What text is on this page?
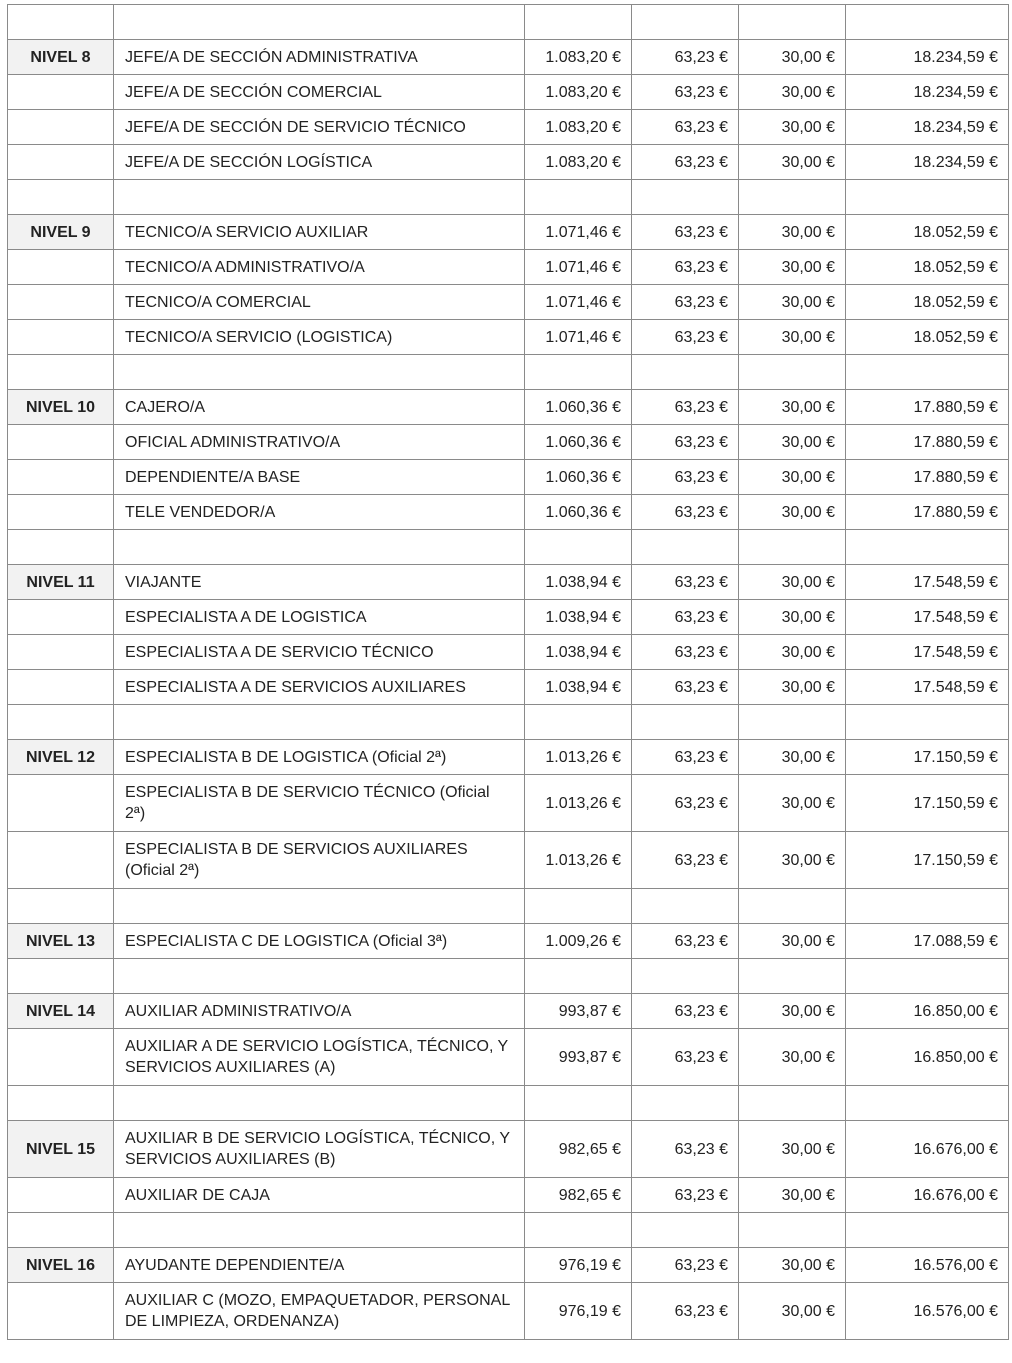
NIVEL 8	JEFE/A DE SECCIÓN ADMINISTRATIVA	1.083,20 €	63,23 €	30,00 €	18.234,59 €
	JEFE/A DE SECCIÓN COMERCIAL	1.083,20 €	63,23 €	30,00 €	18.234,59 €
	JEFE/A DE SECCIÓN DE SERVICIO TÉCNICO	1.083,20 €	63,23 €	30,00 €	18.234,59 €
	JEFE/A DE SECCIÓN LOGÍSTICA	1.083,20 €	63,23 €	30,00 €	18.234,59 €

NIVEL 9	TECNICO/A SERVICIO AUXILIAR	1.071,46 €	63,23 €	30,00 €	18.052,59 €
	TECNICO/A ADMINISTRATIVO/A	1.071,46 €	63,23 €	30,00 €	18.052,59 €
	TECNICO/A COMERCIAL	1.071,46 €	63,23 €	30,00 €	18.052,59 €
	TECNICO/A SERVICIO (LOGISTICA)	1.071,46 €	63,23 €	30,00 €	18.052,59 €

NIVEL 10	CAJERO/A	1.060,36 €	63,23 €	30,00 €	17.880,59 €
	OFICIAL ADMINISTRATIVO/A	1.060,36 €	63,23 €	30,00 €	17.880,59 €
	DEPENDIENTE/A BASE	1.060,36 €	63,23 €	30,00 €	17.880,59 €
	TELE VENDEDOR/A	1.060,36 €	63,23 €	30,00 €	17.880,59 €

NIVEL 11	VIAJANTE	1.038,94 €	63,23 €	30,00 €	17.548,59 €
	ESPECIALISTA A DE LOGISTICA	1.038,94 €	63,23 €	30,00 €	17.548,59 €
	ESPECIALISTA A DE SERVICIO TÉCNICO	1.038,94 €	63,23 €	30,00 €	17.548,59 €
	ESPECIALISTA A DE SERVICIOS AUXILIARES	1.038,94 €	63,23 €	30,00 €	17.548,59 €

NIVEL 12	ESPECIALISTA B DE LOGISTICA (Oficial 2ª)	1.013,26 €	63,23 €	30,00 €	17.150,59 €
	ESPECIALISTA B DE SERVICIO TÉCNICO (Oficial 2ª)	1.013,26 €	63,23 €	30,00 €	17.150,59 €
	ESPECIALISTA B DE SERVICIOS AUXILIARES (Oficial 2ª)	1.013,26 €	63,23 €	30,00 €	17.150,59 €

NIVEL 13	ESPECIALISTA C DE LOGISTICA (Oficial 3ª)	1.009,26 €	63,23 €	30,00 €	17.088,59 €

NIVEL 14	AUXILIAR ADMINISTRATIVO/A	993,87 €	63,23 €	30,00 €	16.850,00 €
	AUXILIAR A DE SERVICIO LOGÍSTICA, TÉCNICO, Y SERVICIOS AUXILIARES (A)	993,87 €	63,23 €	30,00 €	16.850,00 €

NIVEL 15	AUXILIAR B DE SERVICIO LOGÍSTICA, TÉCNICO, Y SERVICIOS AUXILIARES (B)	982,65 €	63,23 €	30,00 €	16.676,00 €
	AUXILIAR DE CAJA	982,65 €	63,23 €	30,00 €	16.676,00 €

NIVEL 16	AYUDANTE DEPENDIENTE/A	976,19 €	63,23 €	30,00 €	16.576,00 €
	AUXILIAR C (MOZO, EMPAQUETADOR, PERSONAL DE LIMPIEZA, ORDENANZA)	976,19 €	63,23 €	30,00 €	16.576,00 €
